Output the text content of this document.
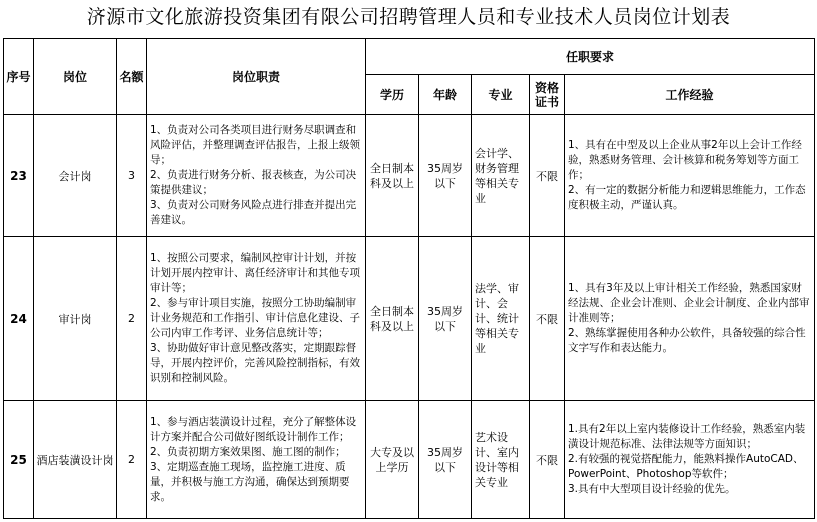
济源市文化旅游投资集团有限公司招聘管理人员和专业技术人员岗位计划表
序号	岗位	名额	岗位职责	任职要求				
				学历	年龄	专业	资格证书	工作经验
23	会计岗	3	1、负责对公司各类项目进行财务尽职调查和风险评估，并整理调查评估报告，上报上级领导；
2、负责进行财务分析、报表核查，为公司决策提供建议；
3、负责对公司财务风险点进行排查并提出完善建议。	全日制本科及以上	35周岁以下	会计学、财务管理等相关专业	不限	1、具有在中型及以上企业从事2年以上会计工作经验，熟悉财务管理、会计核算和税务筹划等方面工作；
2、有一定的数据分析能力和逻辑思维能力，工作态度积极主动，严谨认真。
24	审计岗	2	1、按照公司要求，编制风控审计计划，并按计划开展内控审计、离任经济审计和其他专项审计等；
2、参与审计项目实施，按照分工协助编制审计业务规范和工作指引、审计信息化建设、子公司内审工作考评、业务信息统计等；
3、协助做好审计意见整改落实，定期跟踪督导，开展内控评价，完善风险控制指标，有效识别和控制风险。	全日制本科及以上	35周岁以下	法学、审计、会计、统计等相关专业	不限	1、具有3年及以上审计相关工作经验，熟悉国家财经法规、企业会计准则、企业会计制度、企业内部审计准则等；
2、熟练掌握使用各种办公软件，具备较强的综合性文字写作和表达能力。
25	酒店装潢设计岗	2	1、参与酒店装潢设计过程，充分了解整体设计方案并配合公司做好图纸设计制作工作；
2、负责初期方案效果图、施工图的制作；
3、定期巡查施工现场，监控施工进度、质量，并积极与施工方沟通，确保达到预期要求。	大专及以上学历	35周岁以下	艺术设计、室内设计等相关专业	不限	1.具有2年以上室内装修设计工作经验，熟悉室内装潢设计规范标准、法律法规等方面知识；
2.有较强的视觉搭配能力，能熟料操作AutoCAD、PowerPoint、Photoshop等软件；
3.具有中大型项目设计经验的优先。
